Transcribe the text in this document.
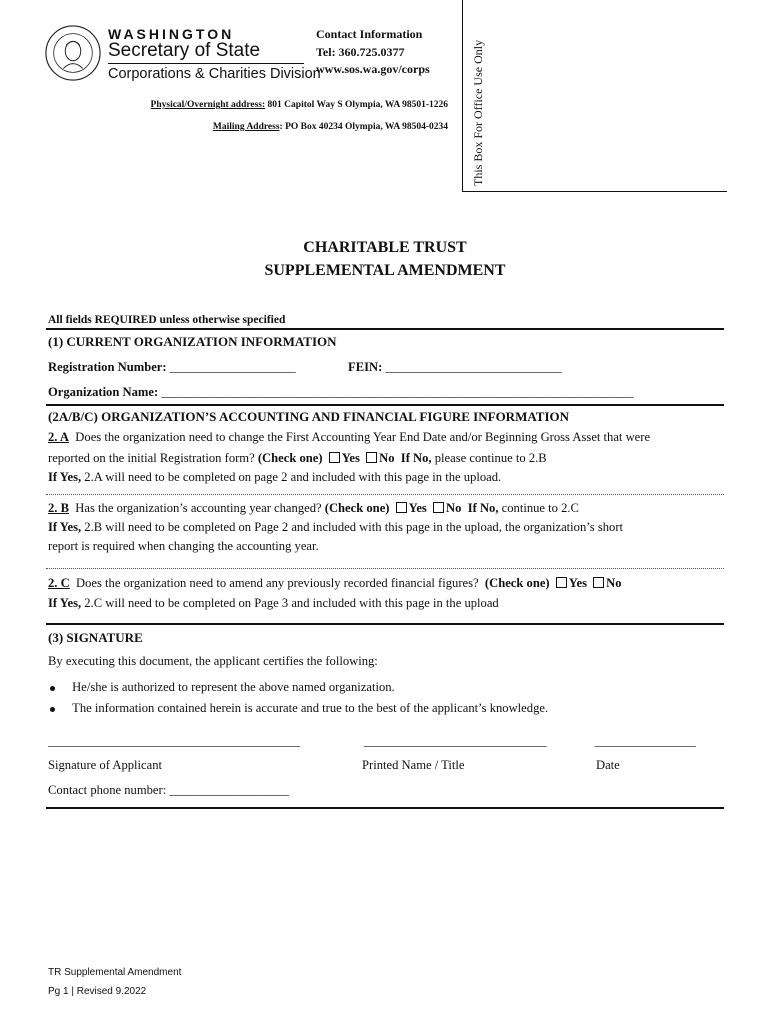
WASHINGTON
Secretary of State
Corporations & Charities Division
Contact Information
Tel: 360.725.0377
www.sos.wa.gov/corps
Physical/Overnight address: 801 Capitol Way S Olympia, WA 98501-1226
Mailing Address: PO Box 40234 Olympia, WA 98504-0234 This Box For Office Use Only
CHARITABLE TRUST
SUPPLEMENTAL AMENDMENT
All fields REQUIRED unless otherwise specified
(1) CURRENT ORGANIZATION INFORMATION
Registration Number: ____________________	FEIN: ____________________________
Organization Name: ___________________________________________________________________________
(2A/B/C) ORGANIZATION’S ACCOUNTING AND FINANCIAL FIGURE INFORMATION
2. A Does the organization need to change the First Accounting Year End Date and/or Beginning Gross Asset that were
reported on the initial Registration form? (Check one) Yes No If No, please continue to 2.B
If Yes, 2.A will need to be completed on page 2 and included with this page in the upload.
2. B Has the organization’s accounting year changed? (Check one) Yes No If No, continue to 2.C
If Yes, 2.B will need to be completed on Page 2 and included with this page in the upload, the organization’s short
report is required when changing the accounting year.
2. C Does the organization need to amend any previously recorded financial figures? (Check one) Yes No
If Yes, 2.C will need to be completed on Page 3 and included with this page in the upload
(3) SIGNATURE
By executing this document, the applicant certifies the following:
He/she is authorized to represent the above named organization.
The information contained herein is accurate and true to the best of the applicant’s knowledge.
________________________________________	_____________________________	________________
Signature of Applicant	Printed Name / Title	Date
Contact phone number: ___________________
TR Supplemental Amendment
Pg 1 | Revised 9.2022
